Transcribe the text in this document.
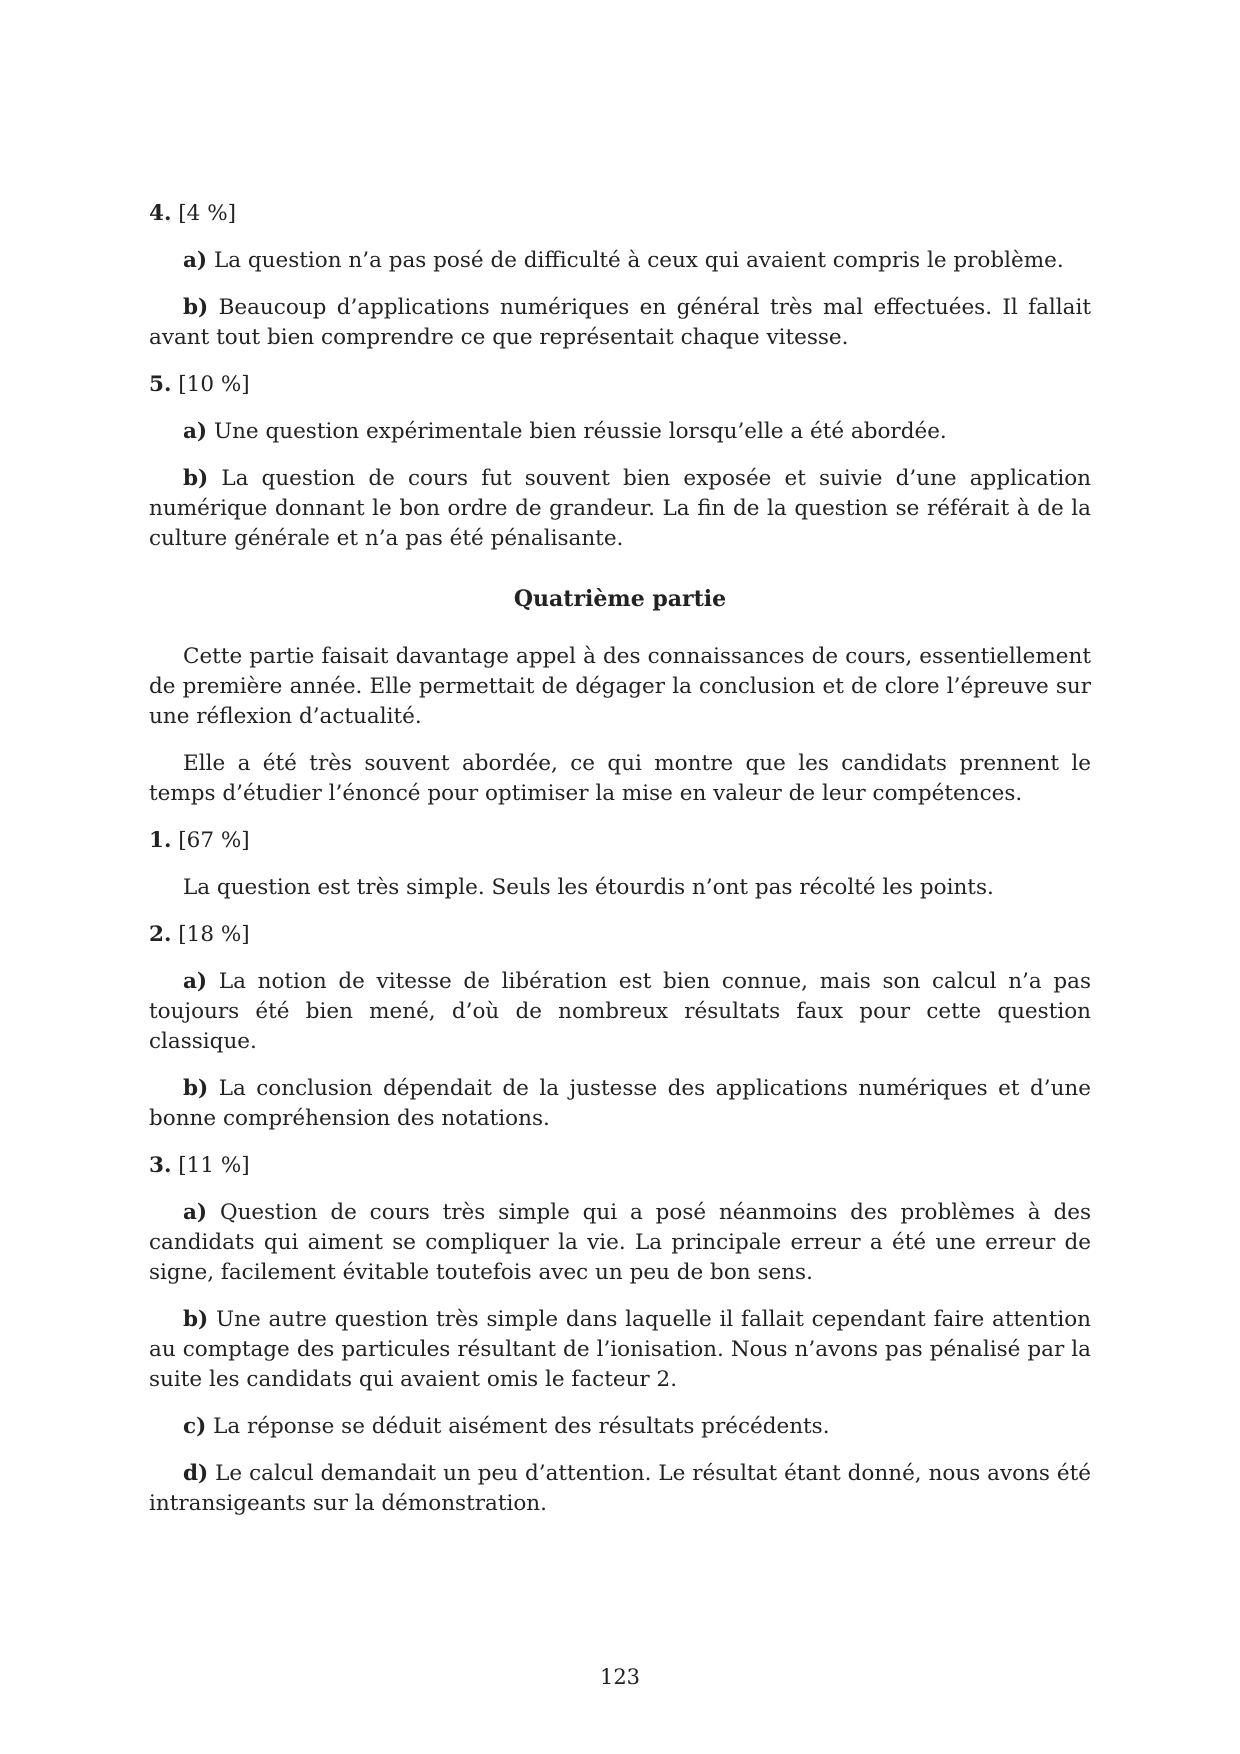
4. [4 %]

a) La question n’a pas posé de difficulté à ceux qui avaient compris le problème.

b) Beaucoup d’applications numériques en général très mal effectuées. Il fallait avant tout bien comprendre ce que représentait chaque vitesse.

5. [10 %]

a) Une question expérimentale bien réussie lorsqu’elle a été abordée.

b) La question de cours fut souvent bien exposée et suivie d’une application numérique donnant le bon ordre de grandeur. La fin de la question se référait à de la culture générale et n’a pas été pénalisante.

Quatrième partie

Cette partie faisait davantage appel à des connaissances de cours, essentiellement de première année. Elle permettait de dégager la conclusion et de clore l’épreuve sur une réflexion d’actualité.

Elle a été très souvent abordée, ce qui montre que les candidats prennent le temps d’étudier l’énoncé pour optimiser la mise en valeur de leur compétences.

1. [67 %]

La question est très simple. Seuls les étourdis n’ont pas récolté les points.

2. [18 %]

a) La notion de vitesse de libération est bien connue, mais son calcul n’a pas toujours été bien mené, d’où de nombreux résultats faux pour cette question classique.

b) La conclusion dépendait de la justesse des applications numériques et d’une bonne compréhension des notations.

3. [11 %]

a) Question de cours très simple qui a posé néanmoins des problèmes à des candidats qui aiment se compliquer la vie. La principale erreur a été une erreur de signe, facilement évitable toutefois avec un peu de bon sens.

b) Une autre question très simple dans laquelle il fallait cependant faire attention au comptage des particules résultant de l’ionisation. Nous n’avons pas pénalisé par la suite les candidats qui avaient omis le facteur 2.

c) La réponse se déduit aisément des résultats précédents.

d) Le calcul demandait un peu d’attention. Le résultat étant donné, nous avons été intransigeants sur la démonstration.

123
